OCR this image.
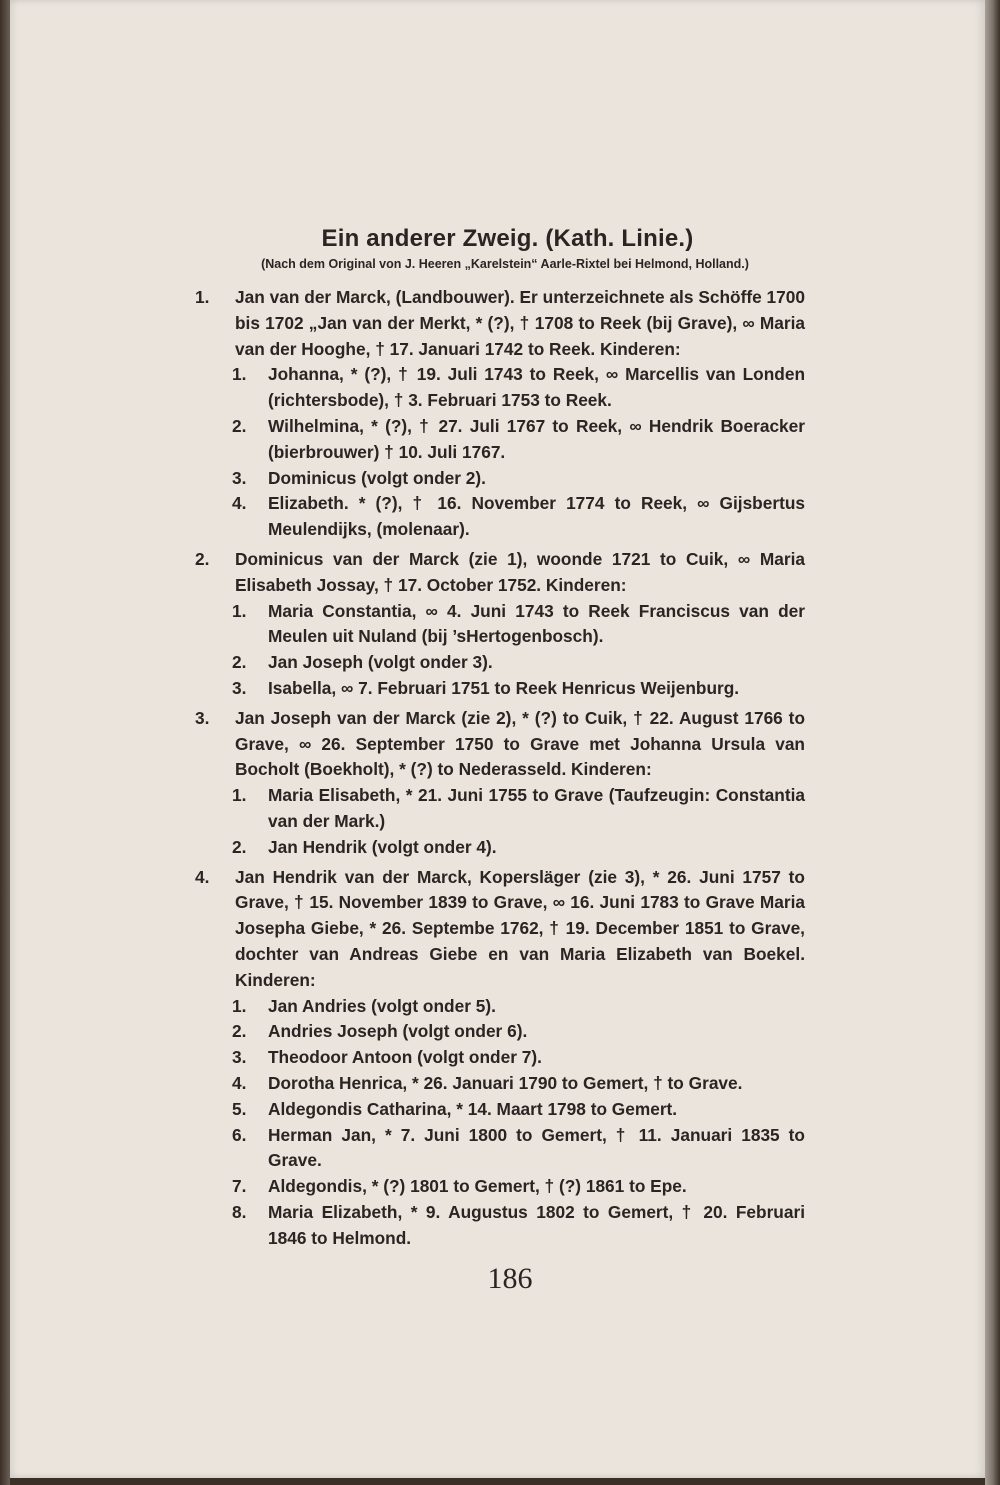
Ein anderer Zweig. (Kath. Linie.)
(Nach dem Original von J. Heeren „Karelstein“ Aarle-Rixtel bei Helmond, Holland.)
1. Jan van der Marck, (Landbouwer). Er unterzeichnete als Schöffe 1700 bis 1702 „Jan van der Merkt, * (?), † 1708 to Reek (bij Grave), ∞ Maria van der Hooghe, † 17. Januari 1742 to Reek. Kinderen:
1. Johanna, * (?), † 19. Juli 1743 to Reek, ∞ Marcellis van Londen (richtersbode), † 3. Februari 1753 to Reek.
2. Wilhelmina, * (?), † 27. Juli 1767 to Reek, ∞ Hendrik Boeracker (bierbrouwer) † 10. Juli 1767.
3. Dominicus (volgt onder 2).
4. Elizabeth. * (?), † 16. November 1774 to Reek, ∞ Gijsbertus Meulendijks, (molenaar).
2. Dominicus van der Marck (zie 1), woonde 1721 to Cuik, ∞ Maria Elisabeth Jossay, † 17. October 1752. Kinderen:
1. Maria Constantia, ∞ 4. Juni 1743 to Reek Franciscus van der Meulen uit Nuland (bij ’sHertogenbosch).
2. Jan Joseph (volgt onder 3).
3. Isabella, ∞ 7. Februari 1751 to Reek Henricus Weijenburg.
3. Jan Joseph van der Marck (zie 2), * (?) to Cuik, † 22. August 1766 to Grave, ∞ 26. September 1750 to Grave met Johanna Ursula van Bocholt (Boekholt), * (?) to Nederasseld. Kinderen:
1. Maria Elisabeth, * 21. Juni 1755 to Grave (Taufzeugin: Constantia van der Mark.)
2. Jan Hendrik (volgt onder 4).
4. Jan Hendrik van der Marck, Kopersläger (zie 3), * 26. Juni 1757 to Grave, † 15. November 1839 to Grave, ∞ 16. Juni 1783 to Grave Maria Josepha Giebe, * 26. Septembe 1762, † 19. December 1851 to Grave, dochter van Andreas Giebe en van Maria Elizabeth van Boekel. Kinderen:
1. Jan Andries (volgt onder 5).
2. Andries Joseph (volgt onder 6).
3. Theodoor Antoon (volgt onder 7).
4. Dorotha Henrica, * 26. Januari 1790 to Gemert, † to Grave.
5. Aldegondis Catharina, * 14. Maart 1798 to Gemert.
6. Herman Jan, * 7. Juni 1800 to Gemert, † 11. Januari 1835 to Grave.
7. Aldegondis, * (?) 1801 to Gemert, † (?) 1861 to Epe.
8. Maria Elizabeth, * 9. Augustus 1802 to Gemert, † 20. Februari 1846 to Helmond.
186
